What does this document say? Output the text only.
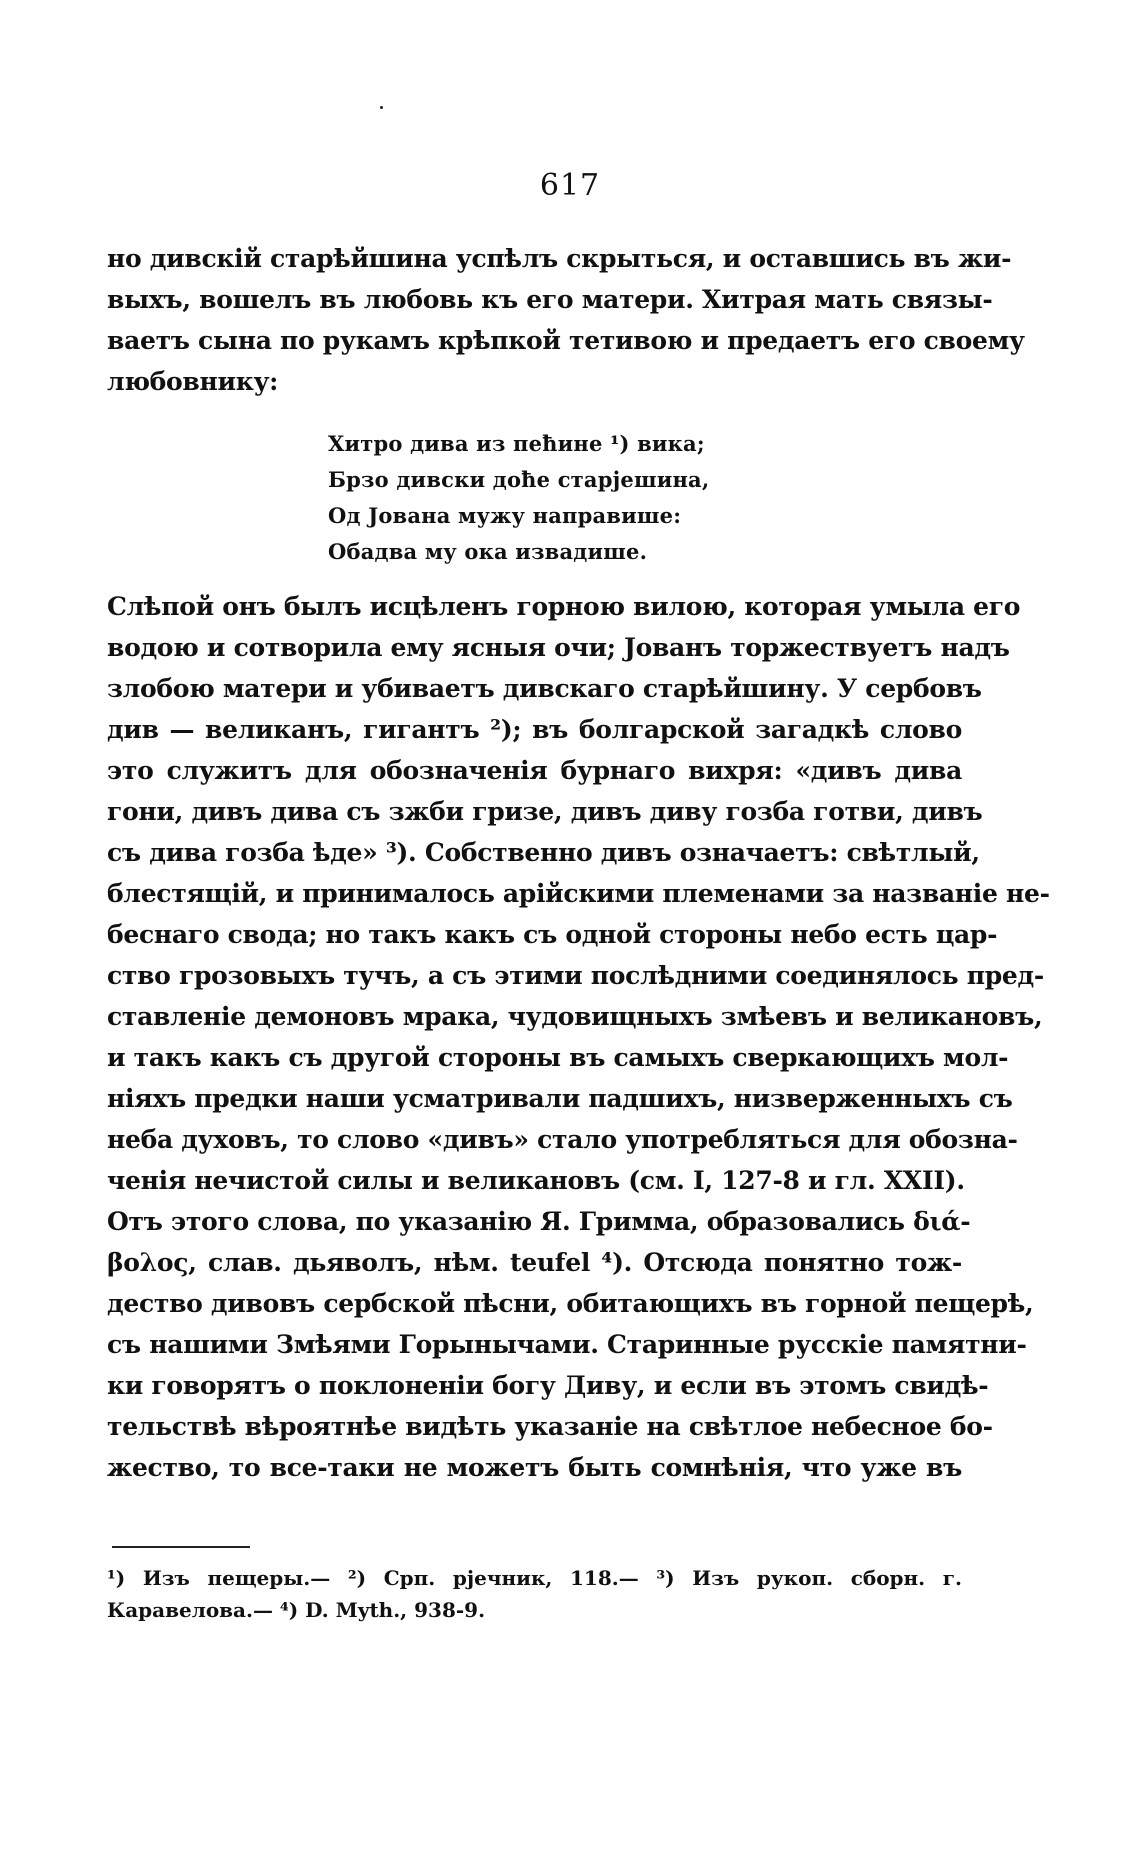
617
но дивскій старѣйшина успѣлъ скрыться, и оставшись въ жи-
выхъ, вошелъ въ любовь къ его матери. Хитрая мать связы-
ваетъ сына по рукамъ крѣпкой тетивою и предаетъ его своему
любовнику:
Хитро дива из пеħине ¹) вика;
Брзо дивски доħе старјешина,
Од Јована мужу направише:
Обадва му ока извадише.
Слѣпой онъ былъ исцѣленъ горною вилою, которая умыла его
водою и сотворила ему ясныя очи; Јованъ торжествуетъ надъ
злобою матери и убиваетъ дивскаго старѣйшину. У сербовъ
див — великанъ, гигантъ ²); въ болгарской загадкѣ слово
это служитъ для обозначенія бурнаго вихря: «дивъ дива
гони, дивъ дива съ зжби гризе, дивъ диву гозба готви, дивъ
съ дива гозба ѣде» ³). Собственно дивъ означаетъ: свѣтлый,
блестящій, и принималось арійскими племенами за названіе не-
беснаго свода; но такъ какъ съ одной стороны небо есть цар-
ство грозовыхъ тучъ, а съ этими послѣдними соединялось пред-
ставленіе демоновъ мрака, чудовищныхъ змѣевъ и великановъ,
и такъ какъ съ другой стороны въ самыхъ сверкающихъ мол-
ніяхъ предки наши усматривали падшихъ, низверженныхъ съ
неба духовъ, то слово «дивъ» стало употребляться для обозна-
ченія нечистой силы и великановъ (см. I, 127-8 и гл. XXII).
Отъ этого слова, по указанію Я. Гримма, образовались διά-
βολος, слав. дьяволъ, нѣм. teufel ⁴). Отсюда понятно тож-
дество дивовъ сербской пѣсни, обитающихъ въ горной пещерѣ,
съ нашими Змѣями Горынычами. Старинные русскіе памятни-
ки говорятъ о поклоненіи богу Диву, и если въ этомъ свидѣ-
тельствѣ вѣроятнѣе видѣть указаніе на свѣтлое небесное бо-
жество, то все-таки не можетъ быть сомнѣнія, что уже въ
¹) Изъ пещеры.— ²) Срп. рјечник, 118.— ³) Изъ рукоп. сборн. г.
Каравелова.— ⁴) D. Myth., 938-9.
